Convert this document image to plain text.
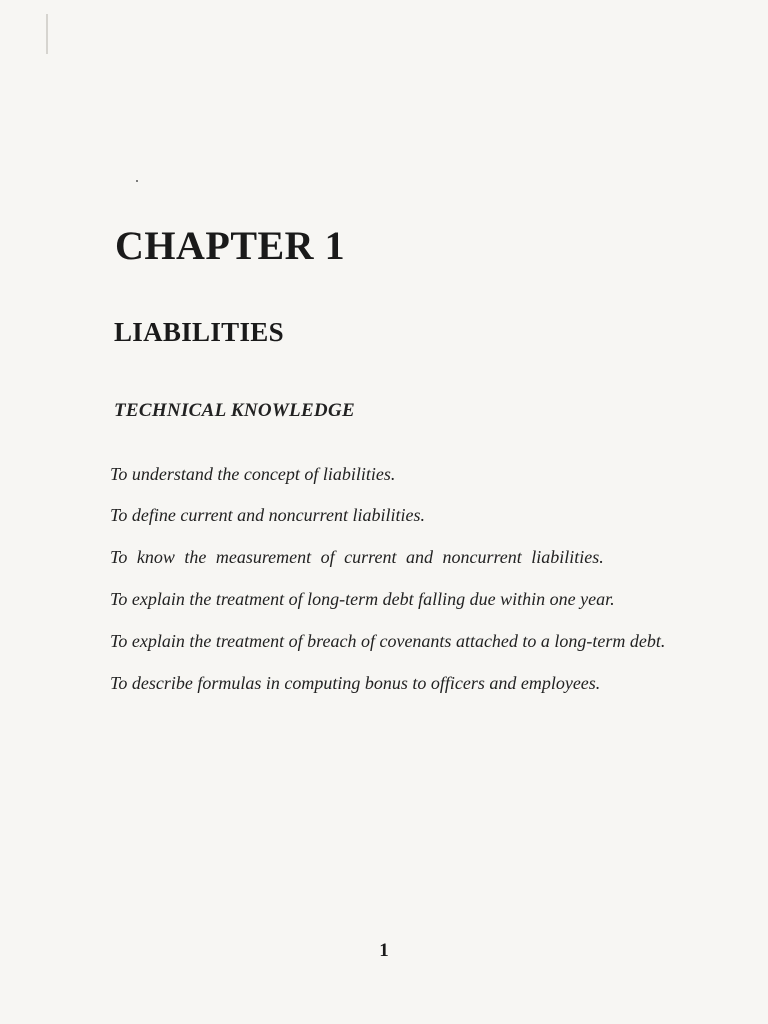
CHAPTER 1
LIABILITIES
TECHNICAL KNOWLEDGE
To understand the concept of liabilities.
To define current and noncurrent liabilities.
To know the measurement of current and noncurrent liabilities.
To explain the treatment of long-term debt falling due within one year.
To explain the treatment of breach of covenants attached to a long-term debt.
To describe formulas in computing bonus to officers and employees.
1
